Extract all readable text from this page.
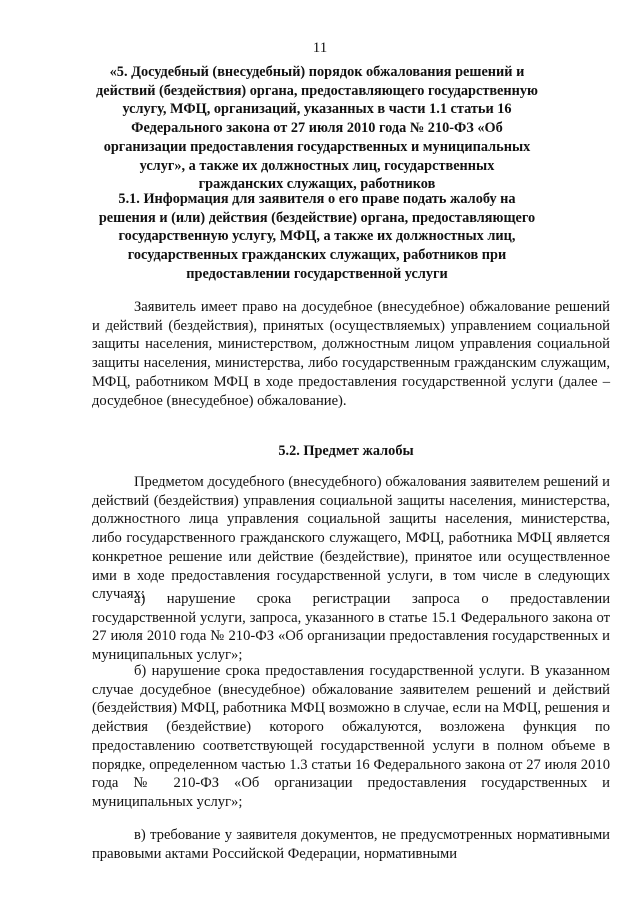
11
«5. Досудебный (внесудебный) порядок обжалования решений и действий (бездействия) органа, предоставляющего государственную услугу, МФЦ, организаций, указанных в части 1.1 статьи 16 Федерального закона от 27 июля 2010 года № 210-ФЗ «Об организации предоставления государственных и муниципальных услуг», а также их должностных лиц, государственных гражданских служащих, работников
5.1. Информация для заявителя о его праве подать жалобу на решения и (или) действия (бездействие) органа, предоставляющего государственную услугу, МФЦ, а также их должностных лиц, государственных гражданских служащих, работников при предоставлении государственной услуги
Заявитель имеет право на досудебное (внесудебное) обжалование решений и действий (бездействия), принятых (осуществляемых) управлением социальной защиты населения, министерством, должностным лицом управления социальной защиты населения, министерства, либо государственным гражданским служащим, МФЦ, работником МФЦ в ходе предоставления государственной услуги (далее – досудебное (внесудебное) обжалование).
5.2. Предмет жалобы
Предметом досудебного (внесудебного) обжалования заявителем решений и действий (бездействия) управления социальной защиты населения, министерства, должностного лица управления социальной защиты населения, министерства, либо государственного гражданского служащего, МФЦ, работника МФЦ является конкретное решение или действие (бездействие), принятое или осуществленное ими в ходе предоставления государственной услуги, в том числе в следующих случаях:
а) нарушение срока регистрации запроса о предоставлении государственной услуги, запроса, указанного в статье 15.1 Федерального закона от 27 июля 2010 года № 210-ФЗ «Об организации предоставления государственных и муниципальных услуг»;
б) нарушение срока предоставления государственной услуги. В указанном случае досудебное (внесудебное) обжалование заявителем решений и действий (бездействия) МФЦ, работника МФЦ возможно в случае, если на МФЦ, решения и действия (бездействие) которого обжалуются, возложена функция по предоставлению соответствующей государственной услуги в полном объеме в порядке, определенном частью 1.3 статьи 16 Федерального закона от 27 июля 2010 года № 210-ФЗ «Об организации предоставления государственных и муниципальных услуг»;
в) требование у заявителя документов, не предусмотренных нормативными правовыми актами Российской Федерации, нормативными
